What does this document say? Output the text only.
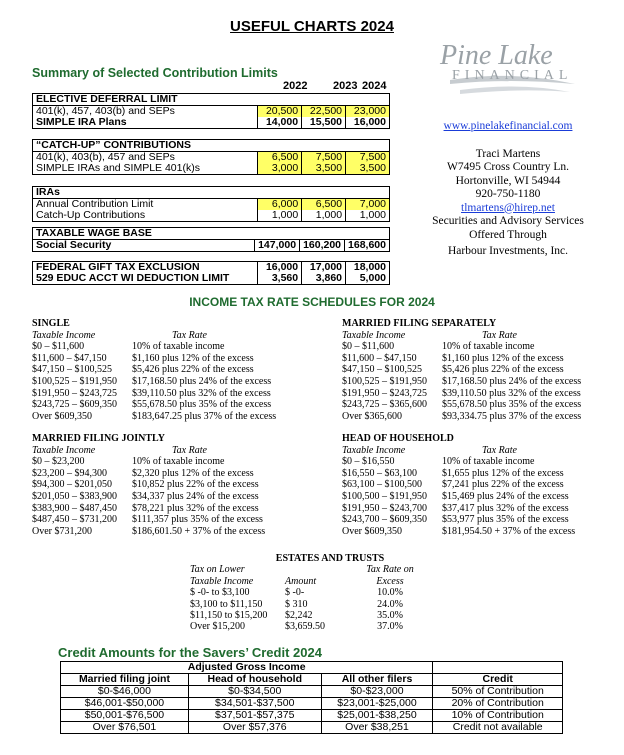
USEFUL CHARTS 2024
Summary of Selected Contribution Limits
2022 2023 2024
ELECTIVE DEFERRAL LIMIT			
401(k), 457, 403(b) and SEPs	20,500	22,500	23,000
SIMPLE IRA Plans	14,000	15,500	16,000
“CATCH-UP” CONTRIBUTIONS			
401(k), 403(b), 457 and SEPs	6,500	7,500	7,500
SIMPLE IRAs and SIMPLE 401(k)s	3,000	3,500	3,500
IRAs			
Annual Contribution Limit	6,000	6,500	7,000
Catch-Up Contributions	1,000	1,000	1,000
TAXABLE WAGE BASE
Social Security	147,000	160,200	168,600
FEDERAL GIFT TAX EXCLUSION	16,000	17,000	18,000
529 EDUC ACCT WI DEDUCTION LIMIT	3,560	3,860	5,000
Pine Lake
FINANCIAL
www.pinelakefinancial.com
Traci Martens
W7495 Cross Country Ln.
Hortonville, WI 54944
920-750-1180
tlmartens@hirep.net
Securities and Advisory Services
Offered Through
Harbour Investments, Inc.
INCOME TAX RATE SCHEDULES FOR 2024
SINGLE
Taxable Income	Tax Rate
$0 – $11,600	10% of taxable income
$11,600 – $47,150	$1,160 plus 12% of the excess
$47,150 – $100,525	$5,426 plus 22% of the excess
$100,525 – $191,950	$17,168.50 plus 24% of the excess
$191,950 – $243,725	$39,110.50 plus 32% of the excess
$243,725 – $609,350	$55,678.50 plus 35% of the excess
Over $609,350	$183,647.25 plus 37% of the excess
MARRIED FILING SEPARATELY
Taxable Income	Tax Rate
$0 – $11,600	10% of taxable income
$11,600 – $47,150	$1,160 plus 12% of the excess
$47,150 – $100,525	$5,426 plus 22% of the excess
$100,525 – $191,950	$17,168.50 plus 24% of the excess
$191,950 – $243,725	$39,110.50 plus 32% of the excess
$243,725 – $365,600	$55,678.50 plus 35% of the excess
Over $365,600	$93,334.75 plus 37% of the excess
MARRIED FILING JOINTLY
Taxable Income	Tax Rate
$0 – $23,200	10% of taxable income
$23,200 – $94,300	$2,320 plus 12% of the excess
$94,300 – $201,050	$10,852 plus 22% of the excess
$201,050 – $383,900	$34,337 plus 24% of the excess
$383,900 – $487,450	$78,221 plus 32% of the excess
$487,450 – $731,200	$111,357 plus 35% of the excess
Over $731,200	$186,601.50 + 37% of the excess
HEAD OF HOUSEHOLD
Taxable Income	Tax Rate
$0 – $16,550	10% of taxable income
$16,550 – $63,100	$1,655 plus 12% of the excess
$63,100 – $100,500	$7,241 plus 22% of the excess
$100,500 – $191,950	$15,469 plus 24% of the excess
$191,950 – $243,700	$37,417 plus 32% of the excess
$243,700 – $609,350	$53,977 plus 35% of the excess
Over $609,350	$181,954.50 + 37% of the excess
ESTATES AND TRUSTS
Tax on Lower	Tax Rate on
Taxable Income	Amount	Excess
$ -0- to $3,100	$ -0-	10.0%
$3,100 to $11,150	$ 310	24.0%
$11,150 to $15,200	$2,242	35.0%
Over $15,200	$3,659.50	37.0%
Credit Amounts for the Savers’ Credit 2024
Adjusted Gross Income			
Married filing joint	Head of household	All other filers	Credit
$0-$46,000	$0-$34,500	$0-$23,000	50% of Contribution
$46,001-$50,000	$34,501-$37,500	$23,001-$25,000	20% of Contribution
$50,001-$76,500	$37,501-$57,375	$25,001-$38,250	10% of Contribution
Over $76,501	Over $57,376	Over $38,251	Credit not available
